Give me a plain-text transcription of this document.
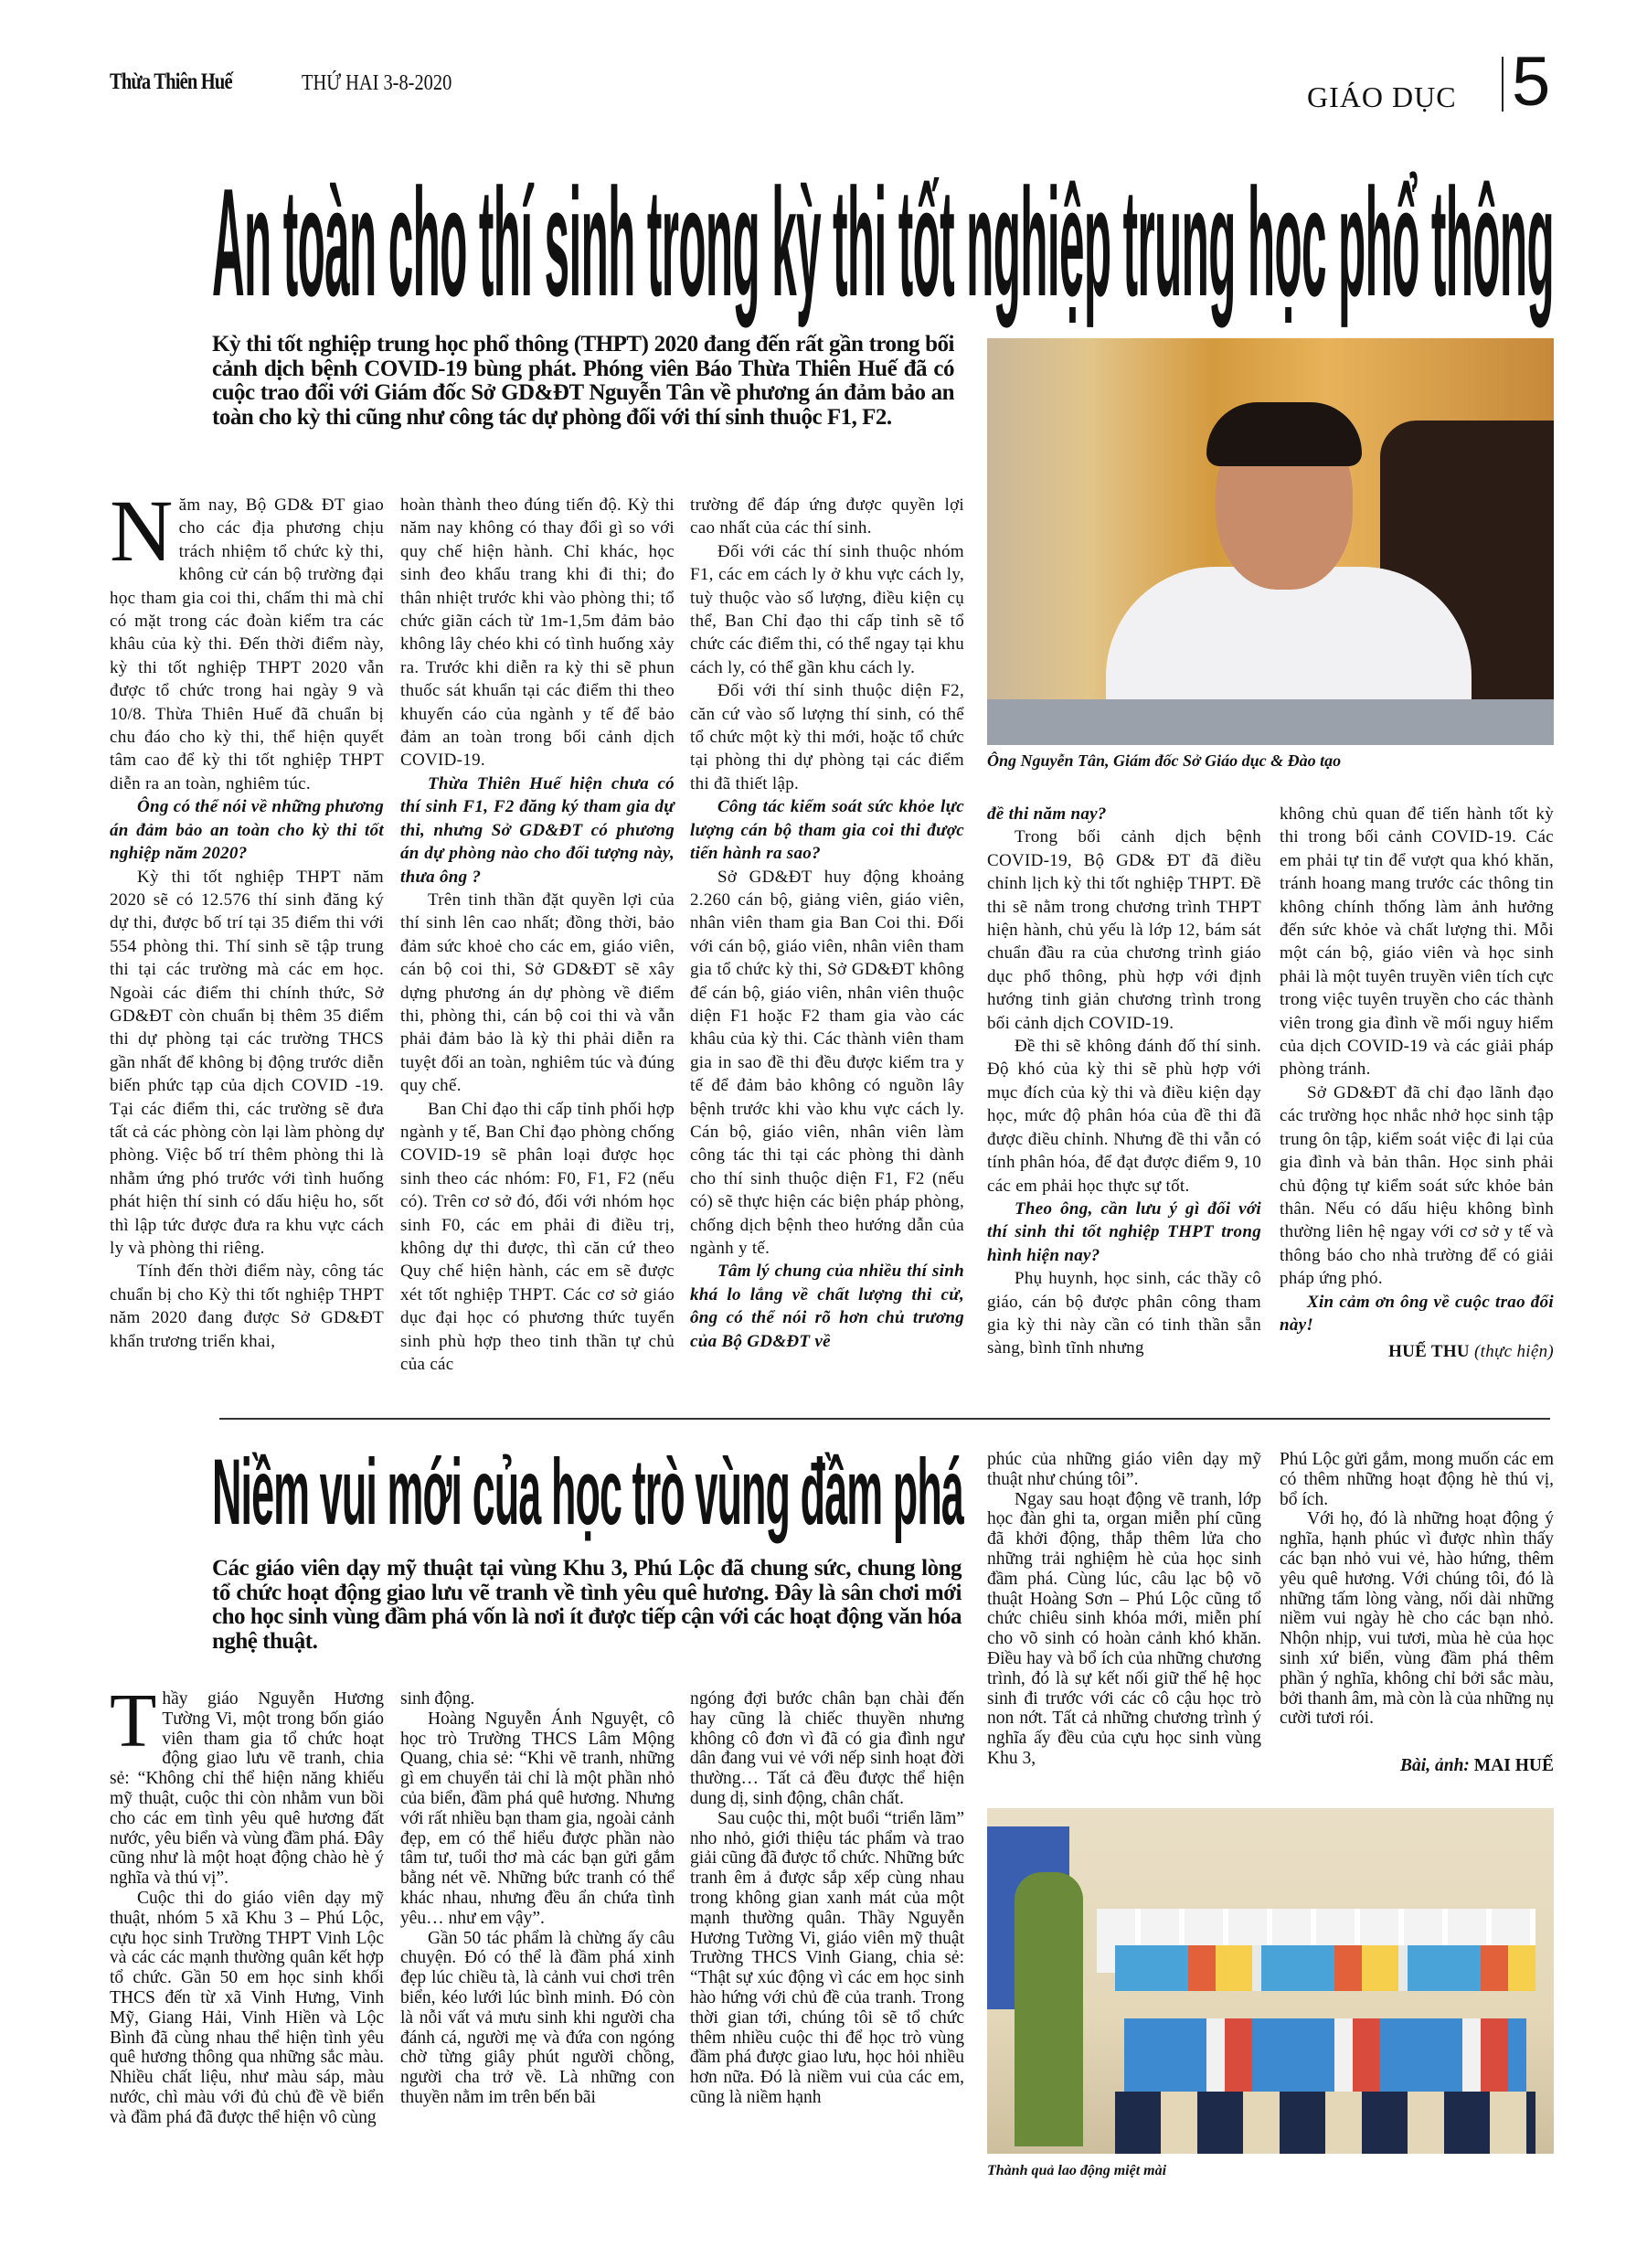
Thừa Thiên Huế	THỨ HAI 3-8-2020	GIÁO DỤC 5
An toàn cho thí sinh trong kỳ thi tốt nghiệp trung học phổ thông
Kỳ thi tốt nghiệp trung học phổ thông (THPT) 2020 đang đến rất gần trong bối cảnh dịch bệnh COVID-19 bùng phát. Phóng viên Báo Thừa Thiên Huế đã có cuộc trao đổi với Giám đốc Sở GD&ĐT Nguyễn Tân về phương án đảm bảo an toàn cho kỳ thi cũng như công tác dự phòng đối với thí sinh thuộc F1, F2.
Ông Nguyễn Tân, Giám đốc Sở Giáo dục & Đào tạo

Năm nay, Bộ GD& ĐT giao cho các địa phương chịu trách nhiệm tổ chức kỳ thi, không cử cán bộ trường đại học tham gia coi thi, chấm thi mà chỉ có mặt trong các đoàn kiểm tra các khâu của kỳ thi. Đến thời điểm này, kỳ thi tốt nghiệp THPT 2020 vẫn được tổ chức trong hai ngày 9 và 10/8. Thừa Thiên Huế đã chuẩn bị chu đáo cho kỳ thi, thể hiện quyết tâm cao để kỳ thi tốt nghiệp THPT diễn ra an toàn, nghiêm túc.

Ông có thể nói về những phương án đảm bảo an toàn cho kỳ thi tốt nghiệp năm 2020?

Kỳ thi tốt nghiệp THPT năm 2020 sẽ có 12.576 thí sinh đăng ký dự thi, được bố trí tại 35 điểm thi với 554 phòng thi. Thí sinh sẽ tập trung thi tại các trường mà các em học. Ngoài các điểm thi chính thức, Sở GD&ĐT còn chuẩn bị thêm 35 điểm thi dự phòng tại các trường THCS gần nhất để không bị động trước diễn biến phức tạp của dịch COVID -19. Tại các điểm thi, các trường sẽ đưa tất cả các phòng còn lại làm phòng dự phòng. Việc bố trí thêm phòng thi là nhằm ứng phó trước với tình huống phát hiện thí sinh có dấu hiệu ho, sốt thì lập tức được đưa ra khu vực cách ly và phòng thi riêng.

Tính đến thời điểm này, công tác chuẩn bị cho Kỳ thi tốt nghiệp THPT năm 2020 đang được Sở GD&ĐT khẩn trương triển khai,

hoàn thành theo đúng tiến độ. Kỳ thi năm nay không có thay đổi gì so với quy chế hiện hành. Chỉ khác, học sinh đeo khẩu trang khi đi thi; đo thân nhiệt trước khi vào phòng thi; tổ chức giãn cách từ 1m-1,5m đảm bảo không lây chéo khi có tình huống xảy ra. Trước khi diễn ra kỳ thi sẽ phun thuốc sát khuẩn tại các điểm thi theo khuyến cáo của ngành y tế để bảo đảm an toàn trong bối cảnh dịch COVID-19.

Thừa Thiên Huế hiện chưa có thí sinh F1, F2 đăng ký tham gia dự thi, nhưng Sở GD&ĐT có phương án dự phòng nào cho đối tượng này, thưa ông ?

Trên tinh thần đặt quyền lợi của thí sinh lên cao nhất; đồng thời, bảo đảm sức khoẻ cho các em, giáo viên, cán bộ coi thi, Sở GD&ĐT sẽ xây dựng phương án dự phòng về điểm thi, phòng thi, cán bộ coi thi và vẫn phải đảm bảo là kỳ thi phải diễn ra tuyệt đối an toàn, nghiêm túc và đúng quy chế.

Ban Chỉ đạo thi cấp tỉnh phối hợp ngành y tế, Ban Chỉ đạo phòng chống COVID-19 sẽ phân loại được học sinh theo các nhóm: F0, F1, F2 (nếu có). Trên cơ sở đó, đối với nhóm học sinh F0, các em phải đi điều trị, không dự thi được, thì căn cứ theo Quy chế hiện hành, các em sẽ được xét tốt nghiệp THPT. Các cơ sở giáo dục đại học có phương thức tuyển sinh phù hợp theo tinh thần tự chủ của các

trường để đáp ứng được quyền lợi cao nhất của các thí sinh.

Đối với các thí sinh thuộc nhóm F1, các em cách ly ở khu vực cách ly, tuỳ thuộc vào số lượng, điều kiện cụ thể, Ban Chỉ đạo thi cấp tỉnh sẽ tổ chức các điểm thi, có thể ngay tại khu cách ly, có thể gần khu cách ly.

Đối với thí sinh thuộc diện F2, căn cứ vào số lượng thí sinh, có thể tổ chức một kỳ thi mới, hoặc tổ chức tại phòng thi dự phòng tại các điểm thi đã thiết lập.

Công tác kiểm soát sức khỏe lực lượng cán bộ tham gia coi thi được tiến hành ra sao?

Sở GD&ĐT huy động khoảng 2.260 cán bộ, giảng viên, giáo viên, nhân viên tham gia Ban Coi thi. Đối với cán bộ, giáo viên, nhân viên tham gia tổ chức kỳ thi, Sở GD&ĐT không để cán bộ, giáo viên, nhân viên thuộc diện F1 hoặc F2 tham gia vào các khâu của kỳ thi. Các thành viên tham gia in sao đề thi đều được kiểm tra y tế để đảm bảo không có nguồn lây bệnh trước khi vào khu vực cách ly. Cán bộ, giáo viên, nhân viên làm công tác thi tại các phòng thi dành cho thí sinh thuộc diện F1, F2 (nếu có) sẽ thực hiện các biện pháp phòng, chống dịch bệnh theo hướng dẫn của ngành y tế.

Tâm lý chung của nhiều thí sinh khá lo lắng về chất lượng thi cử, ông có thể nói rõ hơn chủ trương của Bộ GD&ĐT về

đề thi năm nay?

Trong bối cảnh dịch bệnh COVID-19, Bộ GD& ĐT đã điều chỉnh lịch kỳ thi tốt nghiệp THPT. Đề thi sẽ nằm trong chương trình THPT hiện hành, chủ yếu là lớp 12, bám sát chuẩn đầu ra của chương trình giáo dục phổ thông, phù hợp với định hướng tinh giản chương trình trong bối cảnh dịch COVID-19.

Đề thi sẽ không đánh đố thí sinh. Độ khó của kỳ thi sẽ phù hợp với mục đích của kỳ thi và điều kiện dạy học, mức độ phân hóa của đề thi đã được điều chỉnh. Nhưng đề thi vẫn có tính phân hóa, để đạt được điểm 9, 10 các em phải học thực sự tốt.

Theo ông, cần lưu ý gì đối với thí sinh thi tốt nghiệp THPT trong hình hiện nay?

Phụ huynh, học sinh, các thầy cô giáo, cán bộ được phân công tham gia kỳ thi này cần có tinh thần sẵn sàng, bình tĩnh nhưng

không chủ quan để tiến hành tốt kỳ thi trong bối cảnh COVID-19. Các em phải tự tin để vượt qua khó khăn, tránh hoang mang trước các thông tin không chính thống làm ảnh hưởng đến sức khỏe và chất lượng thi. Mỗi một cán bộ, giáo viên và học sinh phải là một tuyên truyền viên tích cực trong việc tuyên truyền cho các thành viên trong gia đình về mối nguy hiểm của dịch COVID-19 và các giải pháp phòng tránh.

Sở GD&ĐT đã chỉ đạo lãnh đạo các trường học nhắc nhở học sinh tập trung ôn tập, kiểm soát việc đi lại của gia đình và bản thân. Học sinh phải chủ động tự kiểm soát sức khỏe bản thân. Nếu có dấu hiệu không bình thường liên hệ ngay với cơ sở y tế và thông báo cho nhà trường để có giải pháp ứng phó.

Xin cảm ơn ông về cuộc trao đổi này!

HUẾ THU (thực hiện)

Niềm vui mới của học trò vùng đầm phá
Các giáo viên dạy mỹ thuật tại vùng Khu 3, Phú Lộc đã chung sức, chung lòng tổ chức hoạt động giao lưu vẽ tranh về tình yêu quê hương. Đây là sân chơi mới cho học sinh vùng đầm phá vốn là nơi ít được tiếp cận với các hoạt động văn hóa nghệ thuật.

Thầy giáo Nguyễn Hương Tường Vi, một trong bốn giáo viên tham gia tổ chức hoạt động giao lưu vẽ tranh, chia sẻ: “Không chỉ thể hiện năng khiếu mỹ thuật, cuộc thi còn nhằm vun bồi cho các em tình yêu quê hương đất nước, yêu biển và vùng đầm phá. Đây cũng như là một hoạt động chào hè ý nghĩa và thú vị”.

Cuộc thi do giáo viên dạy mỹ thuật, nhóm 5 xã Khu 3 – Phú Lộc, cựu học sinh Trường THPT Vinh Lộc và các các mạnh thường quân kết hợp tổ chức. Gần 50 em học sinh khối THCS đến từ xã Vinh Hưng, Vinh Mỹ, Giang Hải, Vinh Hiền và Lộc Bình đã cùng nhau thể hiện tình yêu quê hương thông qua những sắc màu. Nhiều chất liệu, như màu sáp, màu nước, chì màu với đủ chủ đề về biển và đầm phá đã được thể hiện vô cùng

sinh động.

Hoàng Nguyễn Ánh Nguyệt, cô học trò Trường THCS Lâm Mộng Quang, chia sẻ: “Khi vẽ tranh, những gì em chuyển tải chỉ là một phần nhỏ của biển, đầm phá quê hương. Nhưng với rất nhiều bạn tham gia, ngoài cảnh đẹp, em có thể hiểu được phần nào tâm tư, tuổi thơ mà các bạn gửi gắm bằng nét vẽ. Những bức tranh có thể khác nhau, nhưng đều ẩn chứa tình yêu… như em vậy”.

Gần 50 tác phẩm là chừng ấy câu chuyện. Đó có thể là đầm phá xinh đẹp lúc chiều tà, là cảnh vui chơi trên biển, kéo lưới lúc bình minh. Đó còn là nỗi vất vả mưu sinh khi người cha đánh cá, người mẹ và đứa con ngóng chờ từng giây phút người chồng, người cha trở về. Là những con thuyền nằm im trên bến bãi

ngóng đợi bước chân bạn chài đến hay cũng là chiếc thuyền nhưng không cô đơn vì đã có gia đình ngư dân đang vui vẻ với nếp sinh hoạt đời thường… Tất cả đều được thể hiện dung dị, sinh động, chân chất.

Sau cuộc thi, một buổi “triển lãm” nho nhỏ, giới thiệu tác phẩm và trao giải cũng đã được tổ chức. Những bức tranh êm ả được sắp xếp cùng nhau trong không gian xanh mát của một mạnh thường quân. Thầy Nguyễn Hương Tường Vi, giáo viên mỹ thuật Trường THCS Vinh Giang, chia sẻ: “Thật sự xúc động vì các em học sinh hào hứng với chủ đề của tranh. Trong thời gian tới, chúng tôi sẽ tổ chức thêm nhiều cuộc thi để học trò vùng đầm phá được giao lưu, học hỏi nhiều hơn nữa. Đó là niềm vui của các em, cũng là niềm hạnh

phúc của những giáo viên dạy mỹ thuật như chúng tôi”.

Ngay sau hoạt động vẽ tranh, lớp học đàn ghi ta, organ miễn phí cũng đã khởi động, thắp thêm lửa cho những trải nghiệm hè của học sinh đầm phá. Cùng lúc, câu lạc bộ võ thuật Hoàng Sơn – Phú Lộc cũng tổ chức chiêu sinh khóa mới, miễn phí cho võ sinh có hoàn cảnh khó khăn. Điều hay và bổ ích của những chương trình, đó là sự kết nối giữ thế hệ học sinh đi trước với các cô cậu học trò non nớt. Tất cả những chương trình ý nghĩa ấy đều của cựu học sinh vùng Khu 3,

Phú Lộc gửi gắm, mong muốn các em có thêm những hoạt động hè thú vị, bổ ích.

Với họ, đó là những hoạt động ý nghĩa, hạnh phúc vì được nhìn thấy các bạn nhỏ vui vẻ, hào hứng, thêm yêu quê hương. Với chúng tôi, đó là những tấm lòng vàng, nối dài những niềm vui ngày hè cho các bạn nhỏ. Nhộn nhịp, vui tươi, mùa hè của học sinh xứ biển, vùng đầm phá thêm phần ý nghĩa, không chỉ bởi sắc màu, bởi thanh âm, mà còn là của những nụ cười tươi rói.

Bài, ảnh: MAI HUẾ

Thành quả lao động miệt mài
